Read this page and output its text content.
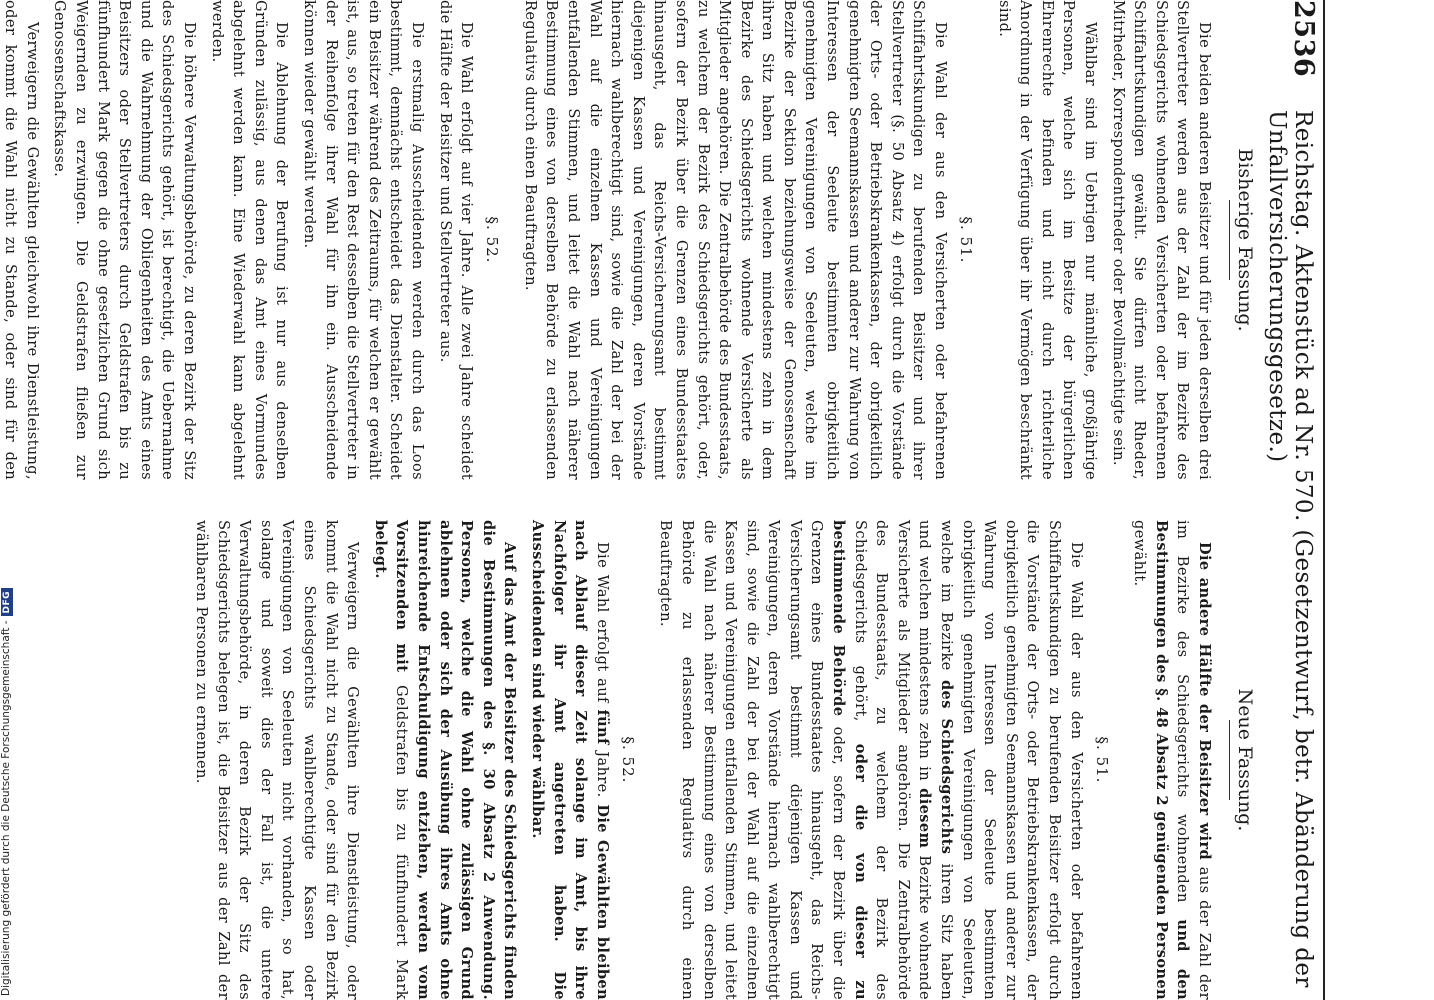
Digitalisierung gefördert durch die Deutsche Forschungsgemeinschaft -DFG
2536
Reichstag. Aktenstück ad Nr. 570. (Gesetzentwurf, betr. Abänderung der Unfallversicherungsgesetze.)
Bisherige Fassung.

Die beiden anderen Beisitzer und für jeden derselben drei Stellvertreter werden aus der Zahl der im Bezirke des Schiedsgerichts wohnenden Versicherten oder befahrenen Schiffahrtskundigen gewählt. Sie dürfen nicht Rheder, Mitrheder, Korrespondentrheder oder Bevollmächtigte sein.

Wählbar sind im Uebrigen nur männliche, großjährige Personen, welche sich im Besitze der bürgerlichen Ehrenrechte befinden und nicht durch richterliche Anordnung in der Verfügung über ihr Vermögen beschränkt sind.

§. 51.

Die Wahl der aus den Versicherten oder befahrenen Schiffahrtskundigen zu berufenden Beisitzer und ihrer Stellvertreter (§. 50 Absatz 4) erfolgt durch die Vorstände der Orts- oder Betriebskrankenkassen, der obrigkeitlich genehmigten Seemannskassen und anderer zur Wahrung von Interessen der Seeleute bestimmten obrigkeitlich genehmigten Vereinigungen von Seeleuten, welche im Bezirke der Sektion beziehungsweise der Genossenschaft ihren Sitz haben und welchen mindestens zehn in dem Bezirke des Schiedsgerichts wohnende Versicherte als Mitglieder angehören. Die Zentralbehörde des Bundesstaats, zu welchem der Bezirk des Schiedsgerichts gehört, oder, sofern der Bezirk über die Grenzen eines Bundesstaates hinausgeht, das Reichs-Versicherungsamt bestimmt diejenigen Kassen und Vereinigungen, deren Vorstände hiernach wahlberechtigt sind, sowie die Zahl der bei der Wahl auf die einzelnen Kassen und Vereinigungen entfallenden Stimmen, und leitet die Wahl nach näherer Bestimmung eines von derselben Behörde zu erlassenden Regulativs durch einen Beauftragten.

§. 52.

Die Wahl erfolgt auf vier Jahre. Alle zwei Jahre scheidet die Hälfte der Beisitzer und Stellvertreter aus.

Die erstmalig Ausscheidenden werden durch das Loos bestimmt, demnächst entscheidet das Dienstalter. Scheidet ein Beisitzer während des Zeitraums, für welchen er gewählt ist, aus, so treten für den Rest desselben die Stellvertreter in der Reihenfolge ihrer Wahl für ihn ein. Ausscheidende können wieder gewählt werden.

Die Ablehnung der Berufung ist nur aus denselben Gründen zulässig, aus denen das Amt eines Vormundes abgelehnt werden kann. Eine Wiederwahl kann abgelehnt werden.

Die höhere Verwaltungsbehörde, zu deren Bezirk der Sitz des Schiedsgerichts gehört, ist berechtigt, die Uebernahme und die Wahrnehmung der Obliegenheiten des Amts eines Beisitzers oder Stellvertreters durch Geldstrafen bis zu fünfhundert Mark gegen die ohne gesetzlichen Grund sich Weigernden zu erzwingen. Die Geldstrafen fließen zur Genossenschaftskasse.

Verweigern die Gewählten gleichwohl ihre Dienstleistung, oder kommt die Wahl nicht zu Stande, oder sind für den

Neue Fassung.

Die andere Hälfte der Beisitzer wird aus der Zahl der im Bezirke des Schiedsgerichts wohnenden und den Bestimmungen des §. 48 Absatz 2 genügenden Personen gewählt.

§. 51.

Die Wahl der aus den Versicherten oder befahrenen Schiffahrtskundigen zu berufenden Beisitzer erfolgt durch die Vorstände der Orts- oder Betriebskrankenkassen, der obrigkeitlich genehmigten Seemannskassen und anderer zur Wahrung von Interessen der Seeleute bestimmten obrigkeitlich genehmigten Vereinigungen von Seeleuten, welche im Bezirke des Schiedsgerichts ihren Sitz haben und welchen mindestens zehn in diesem Bezirke wohnende Versicherte als Mitglieder angehören. Die Zentralbehörde des Bundesstaats, zu welchem der Bezirk des Schiedsgerichts gehört, oder die von dieser zu bestimmende Behörde oder, sofern der Bezirk über die Grenzen eines Bundesstaates hinausgeht, das Reichs-Versicherungsamt bestimmt diejenigen Kassen und Vereinigungen, deren Vorstände hiernach wahlberechtigt sind, sowie die Zahl der bei der Wahl auf die einzelnen Kassen und Vereinigungen entfallenden Stimmen, und leitet die Wahl nach näherer Bestimmung eines von derselben Behörde zu erlassenden Regulativs durch einen Beauftragten.

§. 52.

Die Wahl erfolgt auf fünf Jahre. Die Gewählten bleiben nach Ablauf dieser Zeit solange im Amt, bis ihre Nachfolger ihr Amt angetreten haben. Die Ausscheidenden sind wieder wählbar.

Auf das Amt der Beisitzer des Schiedsgerichts finden die Bestimmungen des §. 30 Absatz 2 Anwendung. Personen, welche die Wahl ohne zulässigen Grund ablehnen oder sich der Ausübung ihres Amts ohne hinreichende Entschuldigung entziehen, werden vom Vorsitzenden mit Geldstrafen bis zu fünfhundert Mark belegt.

Verweigern die Gewählten ihre Dienstleistung, oder kommt die Wahl nicht zu Stande, oder sind für den Bezirk eines Schiedsgerichts wahlberechtigte Kassen oder Vereinigungen von Seeleuten nicht vorhanden, so hat, solange und soweit dies der Fall ist, die untere Verwaltungsbehörde, in deren Bezirk der Sitz des Schiedsgerichts belegen ist, die Beisitzer aus der Zahl der wählbaren Personen zu ernennen.
